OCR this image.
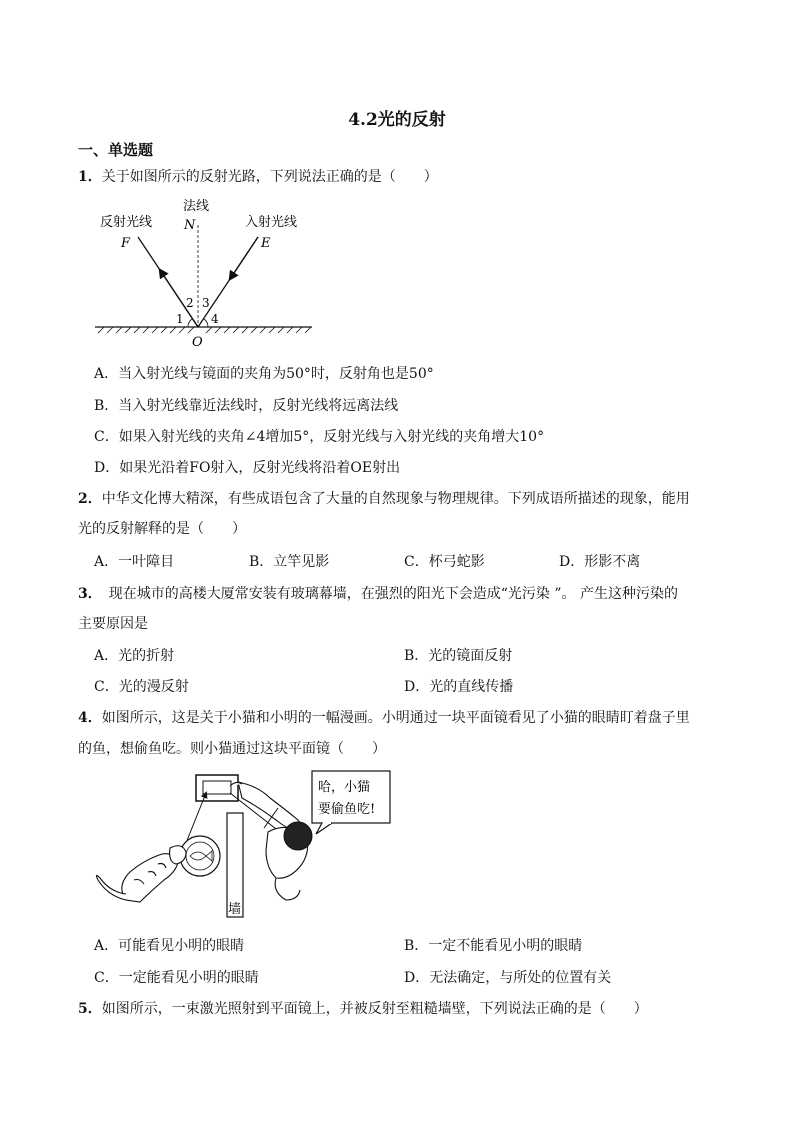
4.2光的反射
一、单选题
1．关于如图所示的反射光路，下列说法正确的是（　　）
反射光线
法线
入射光线
F
N
E
O
1
2 3
4
A．当入射光线与镜面的夹角为50°时，反射角也是50°
B．当入射光线靠近法线时，反射光线将远离法线
C．如果入射光线的夹角∠4增加5°，反射光线与入射光线的夹角增大10°
D．如果光沿着FO射入，反射光线将沿着OE射出
2．中华文化博大精深，有些成语包含了大量的自然现象与物理规律。下列成语所描述的现象，能用
光的反射解释的是（　　）
A．一叶障目	B．立竿见影	C．杯弓蛇影	D．形影不离
3．　现在城市的高楼大厦常安装有玻璃幕墙，在强烈的阳光下会造成“光污染 ”。 产生这种污染的
主要原因是
A．光的折射	B．光的镜面反射
C．光的漫反射	D．光的直线传播
4．如图所示，这是关于小猫和小明的一幅漫画。小明通过一块平面镜看见了小猫的眼睛盯着盘子里
的鱼，想偷鱼吃。则小猫通过这块平面镜（　　）
墙
哈，小猫
要偷鱼吃!
A．可能看见小明的眼睛	B．一定不能看见小明的眼睛
C．一定能看见小明的眼睛	D．无法确定，与所处的位置有关
5．如图所示，一束激光照射到平面镜上，并被反射至粗糙墙壁，下列说法正确的是（　　）
